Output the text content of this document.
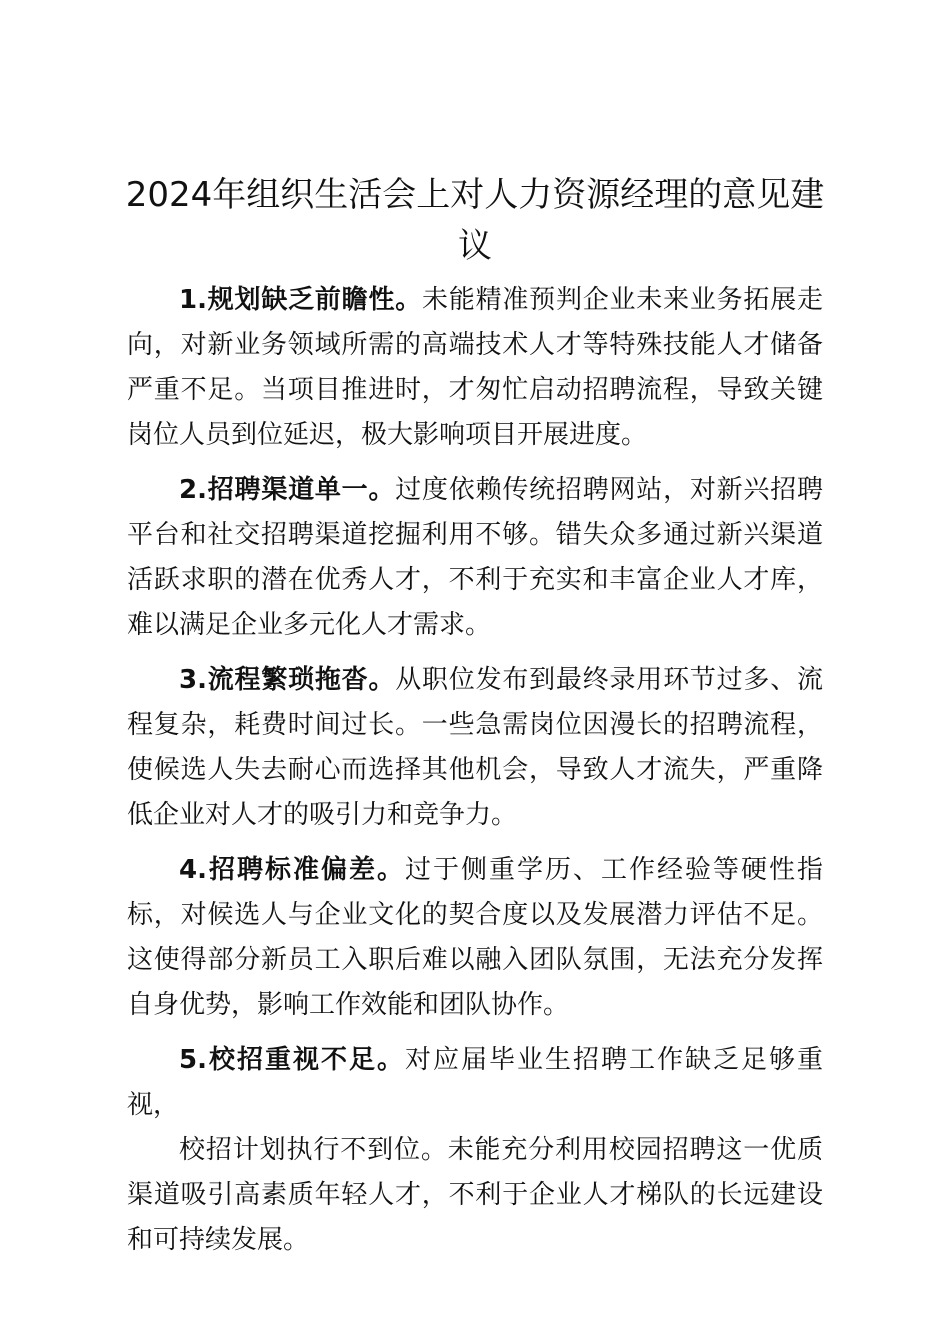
2024年组织生活会上对人力资源经理的意见建议

1.规划缺乏前瞻性。未能精准预判企业未来业务拓展走向，对新业务领域所需的高端技术人才等特殊技能人才储备严重不足。当项目推进时，才匆忙启动招聘流程，导致关键岗位人员到位延迟，极大影响项目开展进度。

2.招聘渠道单一。过度依赖传统招聘网站，对新兴招聘平台和社交招聘渠道挖掘利用不够。错失众多通过新兴渠道活跃求职的潜在优秀人才，不利于充实和丰富企业人才库，难以满足企业多元化人才需求。

3.流程繁琐拖沓。从职位发布到最终录用环节过多、流程复杂，耗费时间过长。一些急需岗位因漫长的招聘流程，使候选人失去耐心而选择其他机会，导致人才流失，严重降低企业对人才的吸引力和竞争力。

4.招聘标准偏差。过于侧重学历、工作经验等硬性指标，对候选人与企业文化的契合度以及发展潜力评估不足。这使得部分新员工入职后难以融入团队氛围，无法充分发挥自身优势，影响工作效能和团队协作。

5.校招重视不足。对应届毕业生招聘工作缺乏足够重视，

校招计划执行不到位。未能充分利用校园招聘这一优质渠道吸引高素质年轻人才，不利于企业人才梯队的长远建设和可持续发展。
